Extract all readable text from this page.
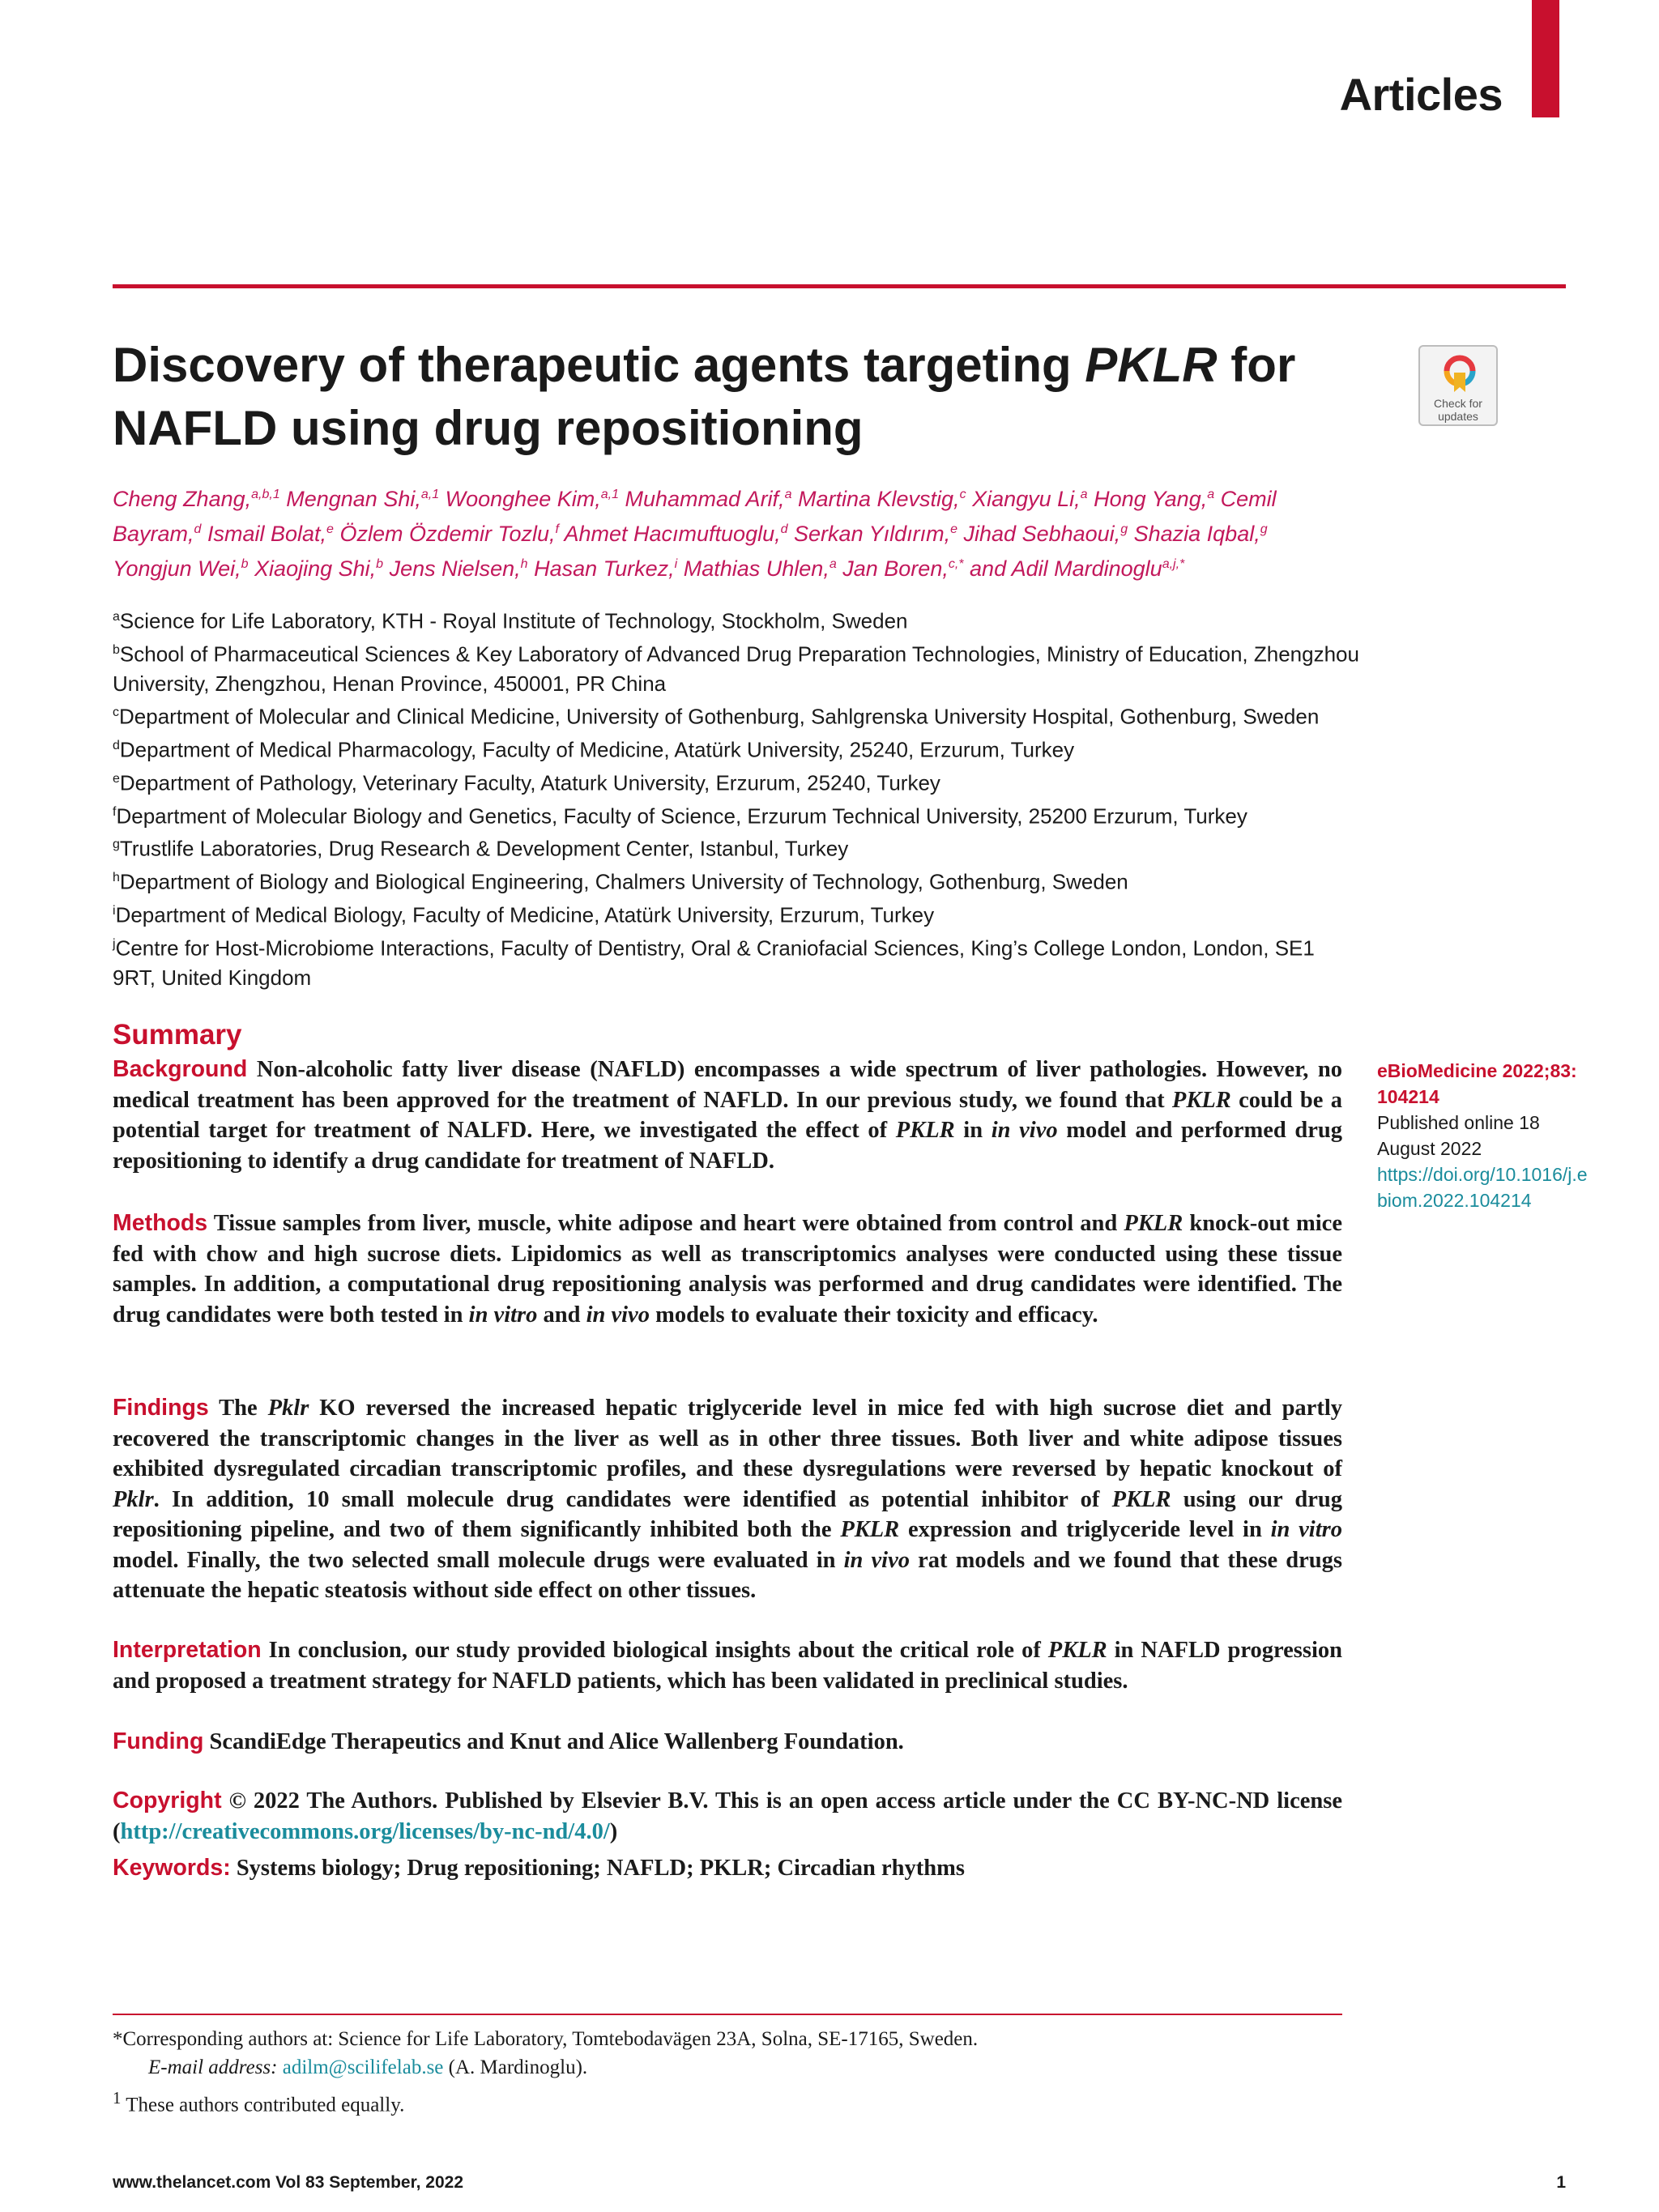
Articles
Discovery of therapeutic agents targeting PKLR for NAFLD using drug repositioning	Check for
updates
Cheng Zhang,$^{a,b,1}$ Mengnan Shi,$^{a,1}$ Woonghee Kim,$^{a,1}$ Muhammad Arif,$^a$ Martina Klevstig,$^c$ Xiangyu Li,$^a$ Hong Yang,$^a$ Cemil Bayram,$^d$ Ismail Bolat,$^e$ Özlem Özdemir Tozlu,$^f$ Ahmet Hacımuftuoglu,$^d$ Serkan Yıldırım,$^e$ Jihad Sebhaoui,$^g$ Shazia Iqbal,$^g$ Yongjun Wei,$^b$ Xiaojing Shi,$^b$ Jens Nielsen,$^h$ Hasan Turkez,$^i$ Mathias Uhlen,$^a$ Jan Boren,$^{c,*}$ and Adil Mardinoglu$^{a,j,*}$
$^a$Science for Life Laboratory, KTH - Royal Institute of Technology, Stockholm, Sweden
$^b$School of Pharmaceutical Sciences & Key Laboratory of Advanced Drug Preparation Technologies, Ministry of Education, Zhengzhou University, Zhengzhou, Henan Province, 450001, PR China
$^c$Department of Molecular and Clinical Medicine, University of Gothenburg, Sahlgrenska University Hospital, Gothenburg, Sweden
$^d$Department of Medical Pharmacology, Faculty of Medicine, Atatürk University, 25240, Erzurum, Turkey
$^e$Department of Pathology, Veterinary Faculty, Ataturk University, Erzurum, 25240, Turkey
$^f$Department of Molecular Biology and Genetics, Faculty of Science, Erzurum Technical University, 25200 Erzurum, Turkey
$^g$Trustlife Laboratories, Drug Research & Development Center, Istanbul, Turkey
$^h$Department of Biology and Biological Engineering, Chalmers University of Technology, Gothenburg, Sweden
$^i$Department of Medical Biology, Faculty of Medicine, Atatürk University, Erzurum, Turkey
$^j$Centre for Host-Microbiome Interactions, Faculty of Dentistry, Oral & Craniofacial Sciences, King’s College London, London, SE1 9RT, United Kingdom
Summary
Background Non-alcoholic fatty liver disease (NAFLD) encompasses a wide spectrum of liver pathologies. However, no medical treatment has been approved for the treatment of NAFLD. In our previous study, we found that PKLR could be a potential target for treatment of NALFD. Here, we investigated the effect of PKLR in in vivo model and performed drug repositioning to identify a drug candidate for treatment of NAFLD.
Methods Tissue samples from liver, muscle, white adipose and heart were obtained from control and PKLR knock-out mice fed with chow and high sucrose diets. Lipidomics as well as transcriptomics analyses were conducted using these tissue samples. In addition, a computational drug repositioning analysis was performed and drug candidates were identified. The drug candidates were both tested in in vitro and in vivo models to evaluate their toxicity and efficacy.
Findings The Pklr KO reversed the increased hepatic triglyceride level in mice fed with high sucrose diet and partly recovered the transcriptomic changes in the liver as well as in other three tissues. Both liver and white adipose tissues exhibited dysregulated circadian transcriptomic profiles, and these dysregulations were reversed by hepatic knockout of Pklr. In addition, 10 small molecule drug candidates were identified as potential inhibitor of PKLR using our drug repositioning pipeline, and two of them significantly inhibited both the PKLR expression and triglyceride level in in vitro model. Finally, the two selected small molecule drugs were evaluated in in vivo rat models and we found that these drugs attenuate the hepatic steatosis without side effect on other tissues.
Interpretation In conclusion, our study provided biological insights about the critical role of PKLR in NAFLD progression and proposed a treatment strategy for NAFLD patients, which has been validated in preclinical studies.
Funding ScandiEdge Therapeutics and Knut and Alice Wallenberg Foundation.
Copyright © 2022 The Authors. Published by Elsevier B.V. This is an open access article under the CC BY-NC-ND license (http://creativecommons.org/licenses/by-nc-nd/4.0/)
Keywords: Systems biology; Drug repositioning; NAFLD; PKLR; Circadian rhythms
eBioMedicine 2022;83: 104214
Published online 18 August 2022
https://doi.org/10.1016/j.ebiom.2022.104214
*Corresponding authors at: Science for Life Laboratory, Tomtebodavägen 23A, Solna, SE-17165, Sweden.
E-mail address: adilm@scilifelab.se (A. Mardinoglu).
$^1$ These authors contributed equally.
www.thelancet.com Vol 83 September, 2022	1
